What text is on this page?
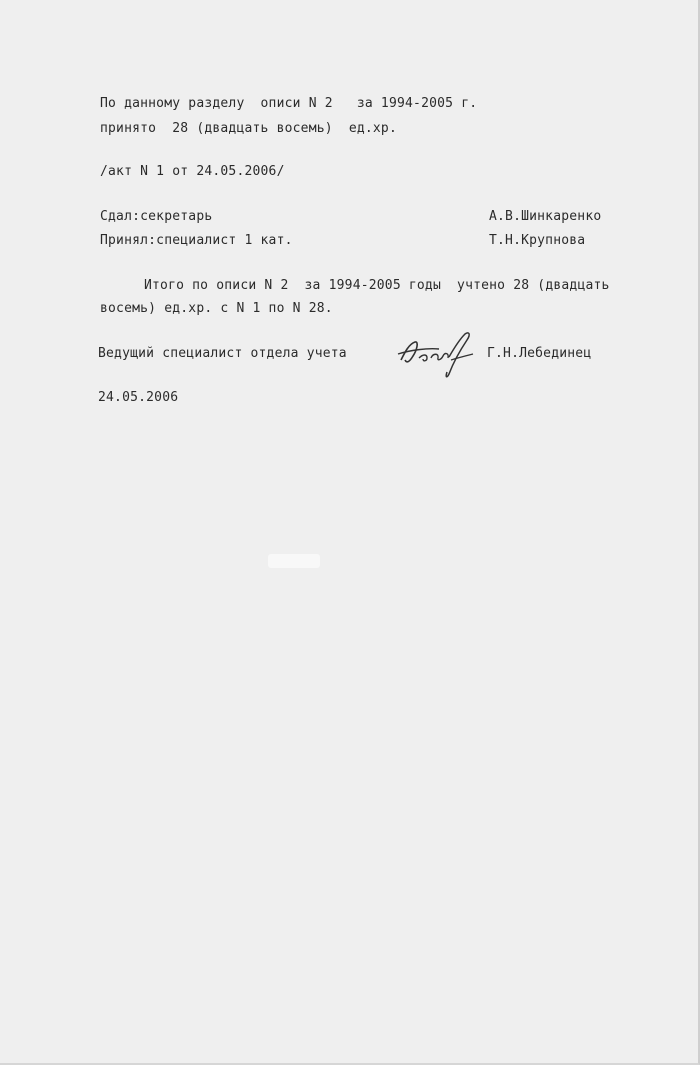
По данному разделу  описи N 2   за 1994-2005 г.
принято  28 (двадцать восемь)  ед.хр.
/акт N 1 от 24.05.2006/
Сдал:секретарь	А.В.Шинкаренко
Принял:специалист 1 кат.	Т.Н.Крупнова
Итого по описи N 2  за 1994-2005 годы  учтено 28 (двадцать
восемь) ед.хр. с N 1 по N 28.
Ведущий специалист отдела учета	Г.Н.Лебединец
24.05.2006
